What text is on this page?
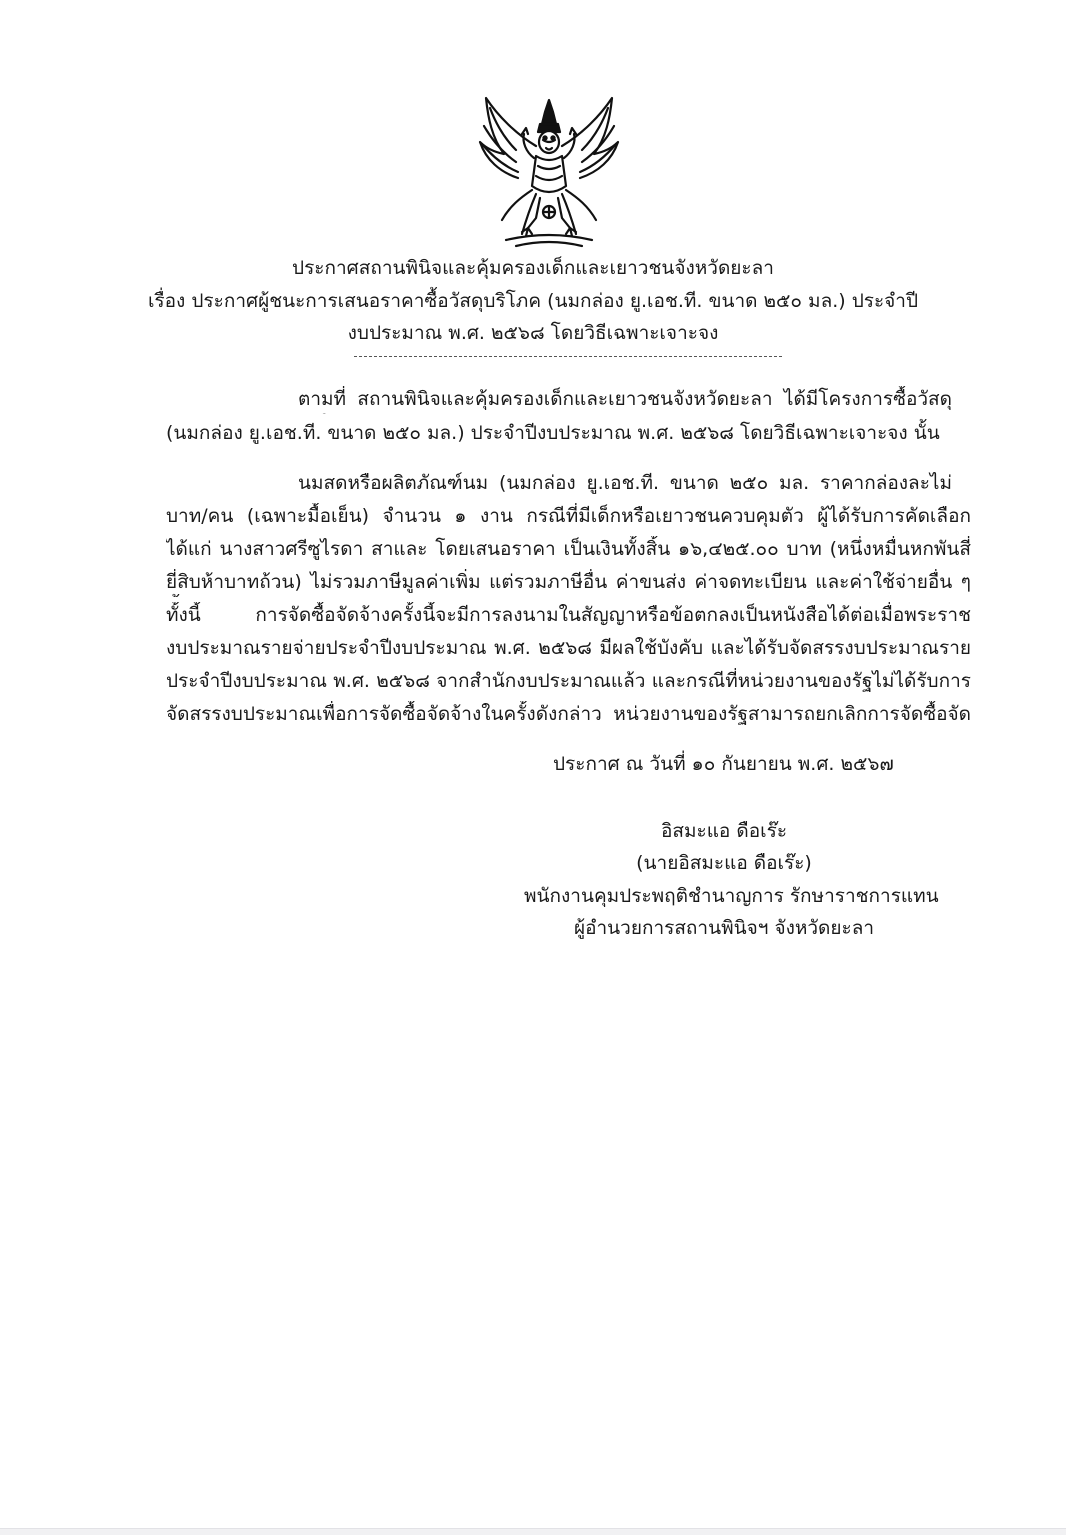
ประกาศสถานพินิจและคุ้มครองเด็กและเยาวชนจังหวัดยะลา
เรื่อง ประกาศผู้ชนะการเสนอราคาซื้อวัสดุบริโภค (นมกล่อง ยู.เอช.ที. ขนาด ๒๕๐ มล.) ประจำปี
งบประมาณ พ.ศ. ๒๕๖๘ โดยวิธีเฉพาะเจาะจง
ตามที่ สถานพินิจและคุ้มครองเด็กและเยาวชนจังหวัดยะลา ได้มีโครงการซื้อวัสดุ
(นมกล่อง ยู.เอช.ที. ขนาด ๒๕๐ มล.) ประจำปีงบประมาณ พ.ศ. ๒๕๖๘ โดยวิธีเฉพาะเจาะจง นั้น
นมสดหรือผลิตภัณฑ์นม (นมกล่อง ยู.เอช.ที. ขนาด ๒๕๐ มล. ราคากล่องละไม่
บาท/คน (เฉพาะมื้อเย็น) จำนวน ๑ งาน กรณีที่มีเด็กหรือเยาวชนควบคุมตัว ผู้ได้รับการคัดเลือก
ได้แก่ นางสาวศรีซูไรดา สาและ โดยเสนอราคา เป็นเงินทั้งสิ้น ๑๖,๔๒๕.๐๐ บาท (หนึ่งหมื่นหกพันสี่
ยี่สิบห้าบาทถ้วน) ไม่รวมภาษีมูลค่าเพิ่ม แต่รวมภาษีอื่น ค่าขนส่ง ค่าจดทะเบียน และค่าใช้จ่ายอื่น ๆ
ทั้งนี้ การจัดซื้อจัดจ้างครั้งนี้จะมีการลงนามในสัญญาหรือข้อตกลงเป็นหนังสือได้ต่อเมื่อพระราช
งบประมาณรายจ่ายประจำปีงบประมาณ พ.ศ. ๒๕๖๘ มีผลใช้บังคับ และได้รับจัดสรรงบประมาณราย
ประจำปีงบประมาณ พ.ศ. ๒๕๖๘ จากสำนักงบประมาณแล้ว และกรณีที่หน่วยงานของรัฐไม่ได้รับการ
จัดสรรงบประมาณเพื่อการจัดซื้อจัดจ้างในครั้งดังกล่าว หน่วยงานของรัฐสามารถยกเลิกการจัดซื้อจัด
ประกาศ ณ วันที่ ๑๐ กันยายน พ.ศ. ๒๕๖๗
อิสมะแอ ดือเร๊ะ
(นายอิสมะแอ ดือเร๊ะ)
พนักงานคุมประพฤติชำนาญการ รักษาราชการแทน
ผู้อำนวยการสถานพินิจฯ จังหวัดยะลา
